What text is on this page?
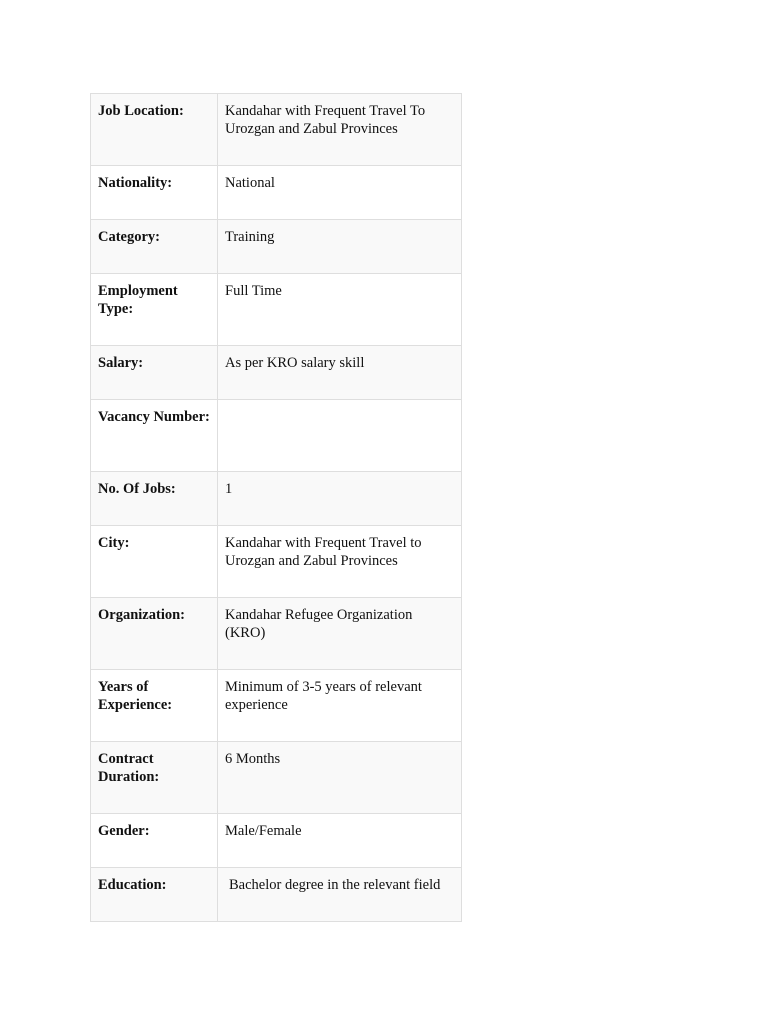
Job Location:	Kandahar with Frequent Travel To Urozgan and Zabul Provinces
Nationality:	National
Category:	Training
Employment Type:	Full Time
Salary:	As per KRO salary skill
Vacancy Number:	
No. Of Jobs:	1
City:	Kandahar with Frequent Travel to Urozgan and Zabul Provinces
Organization:	Kandahar Refugee Organization (KRO)
Years of Experience:	Minimum of 3-5 years of relevant experience
Contract Duration:	6 Months
Gender:	Male/Female
Education:	Bachelor degree in the relevant field
